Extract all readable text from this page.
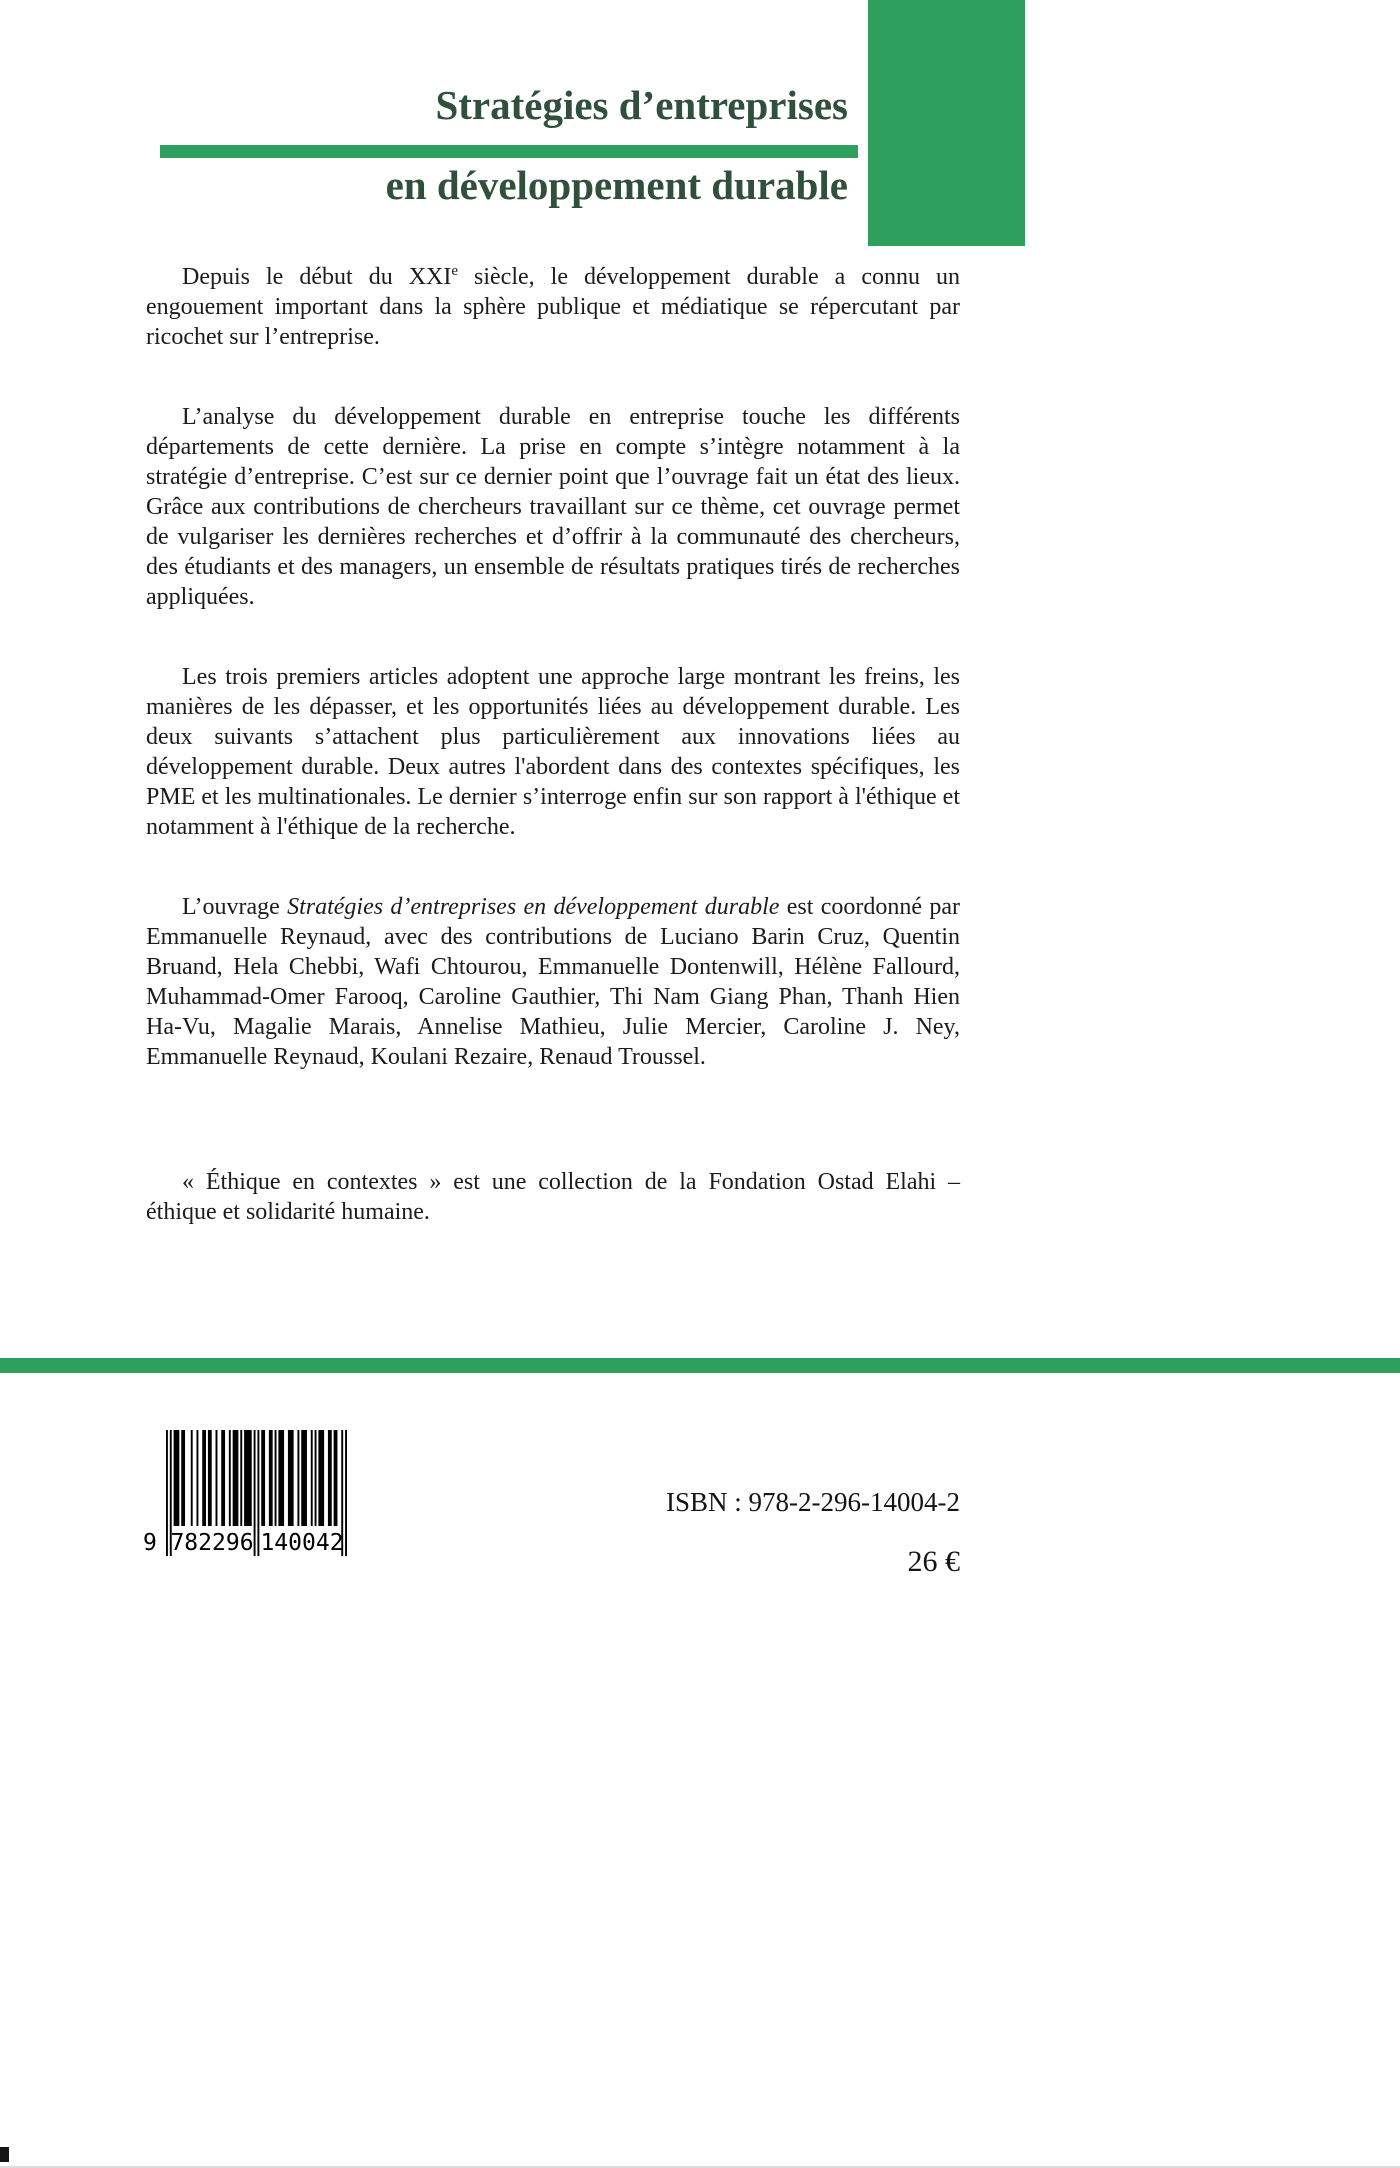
Stratégies d’entreprises
en développement durable

Depuis le début du XXIe siècle, le développement durable a connu un engouement important dans la sphère publique et médiatique se répercutant par ricochet sur l’entreprise.

L’analyse du développement durable en entreprise touche les différents départements de cette dernière. La prise en compte s’intègre notamment à la stratégie d’entreprise. C’est sur ce dernier point que l’ouvrage fait un état des lieux. Grâce aux contributions de chercheurs travaillant sur ce thème, cet ouvrage permet de vulgariser les dernières recherches et d’offrir à la communauté des chercheurs, des étudiants et des managers, un ensemble de résultats pratiques tirés de recherches appliquées.

Les trois premiers articles adoptent une approche large montrant les freins, les manières de les dépasser, et les opportunités liées au développement durable. Les deux suivants s’attachent plus particulièrement aux innovations liées au développement durable. Deux autres l'abordent dans des contextes spécifiques, les PME et les multinationales. Le dernier s’interroge enfin sur son rapport à l'éthique et notamment à l'éthique de la recherche.

L’ouvrage Stratégies d’entreprises en développement durable est coordonné par Emmanuelle Reynaud, avec des contributions de Luciano Barin Cruz, Quentin Bruand, Hela Chebbi, Wafi Chtourou, Emmanuelle Dontenwill, Hélène Fallourd, Muhammad-Omer Farooq, Caroline Gauthier, Thi Nam Giang Phan, Thanh Hien Ha-Vu, Magalie Marais, Annelise Mathieu, Julie Mercier, Caroline J. Ney, Emmanuelle Reynaud, Koulani Rezaire, Renaud Troussel.

« Éthique en contextes » est une collection de la Fondation Ostad Elahi – éthique et solidarité humaine.

9 782296 140042
ISBN : 978-2-296-14004-2
26 €
